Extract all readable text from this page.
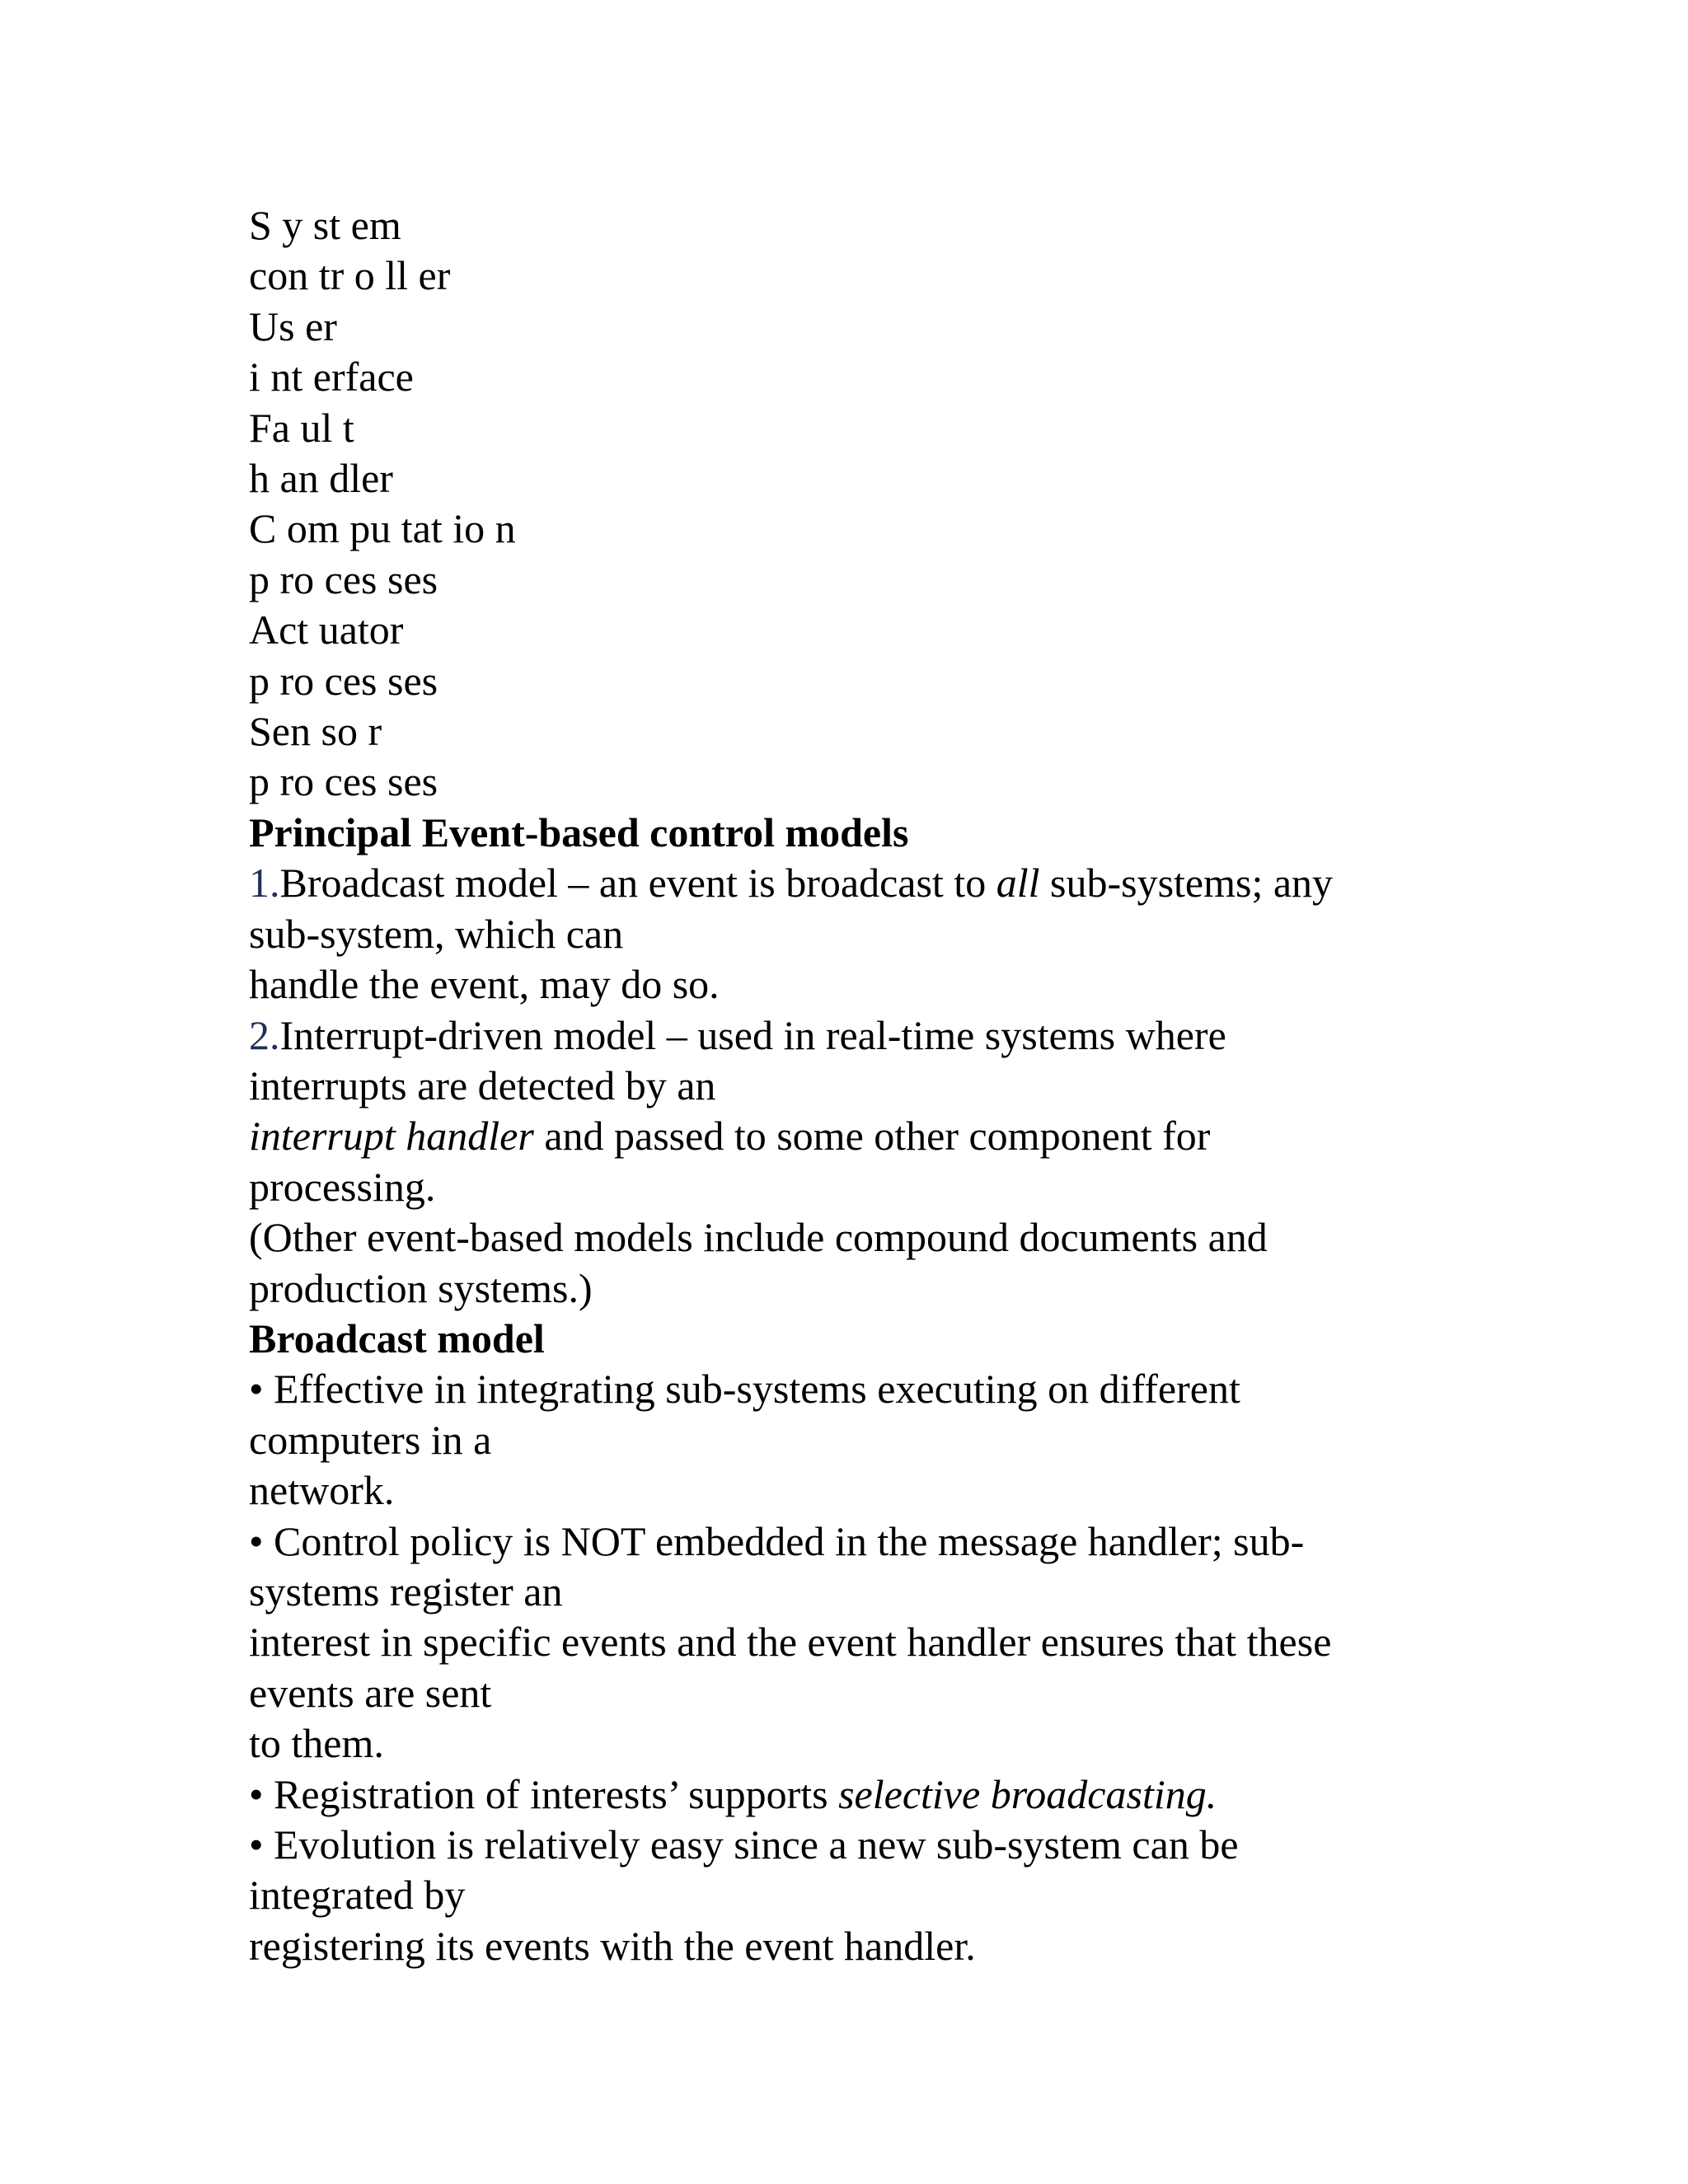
S y st em
con tr o ll er
Us er
i nt erface
Fa ul t
h an dler
C om pu tat io n
p ro ces ses
Act uator
p ro ces ses
Sen so r
p ro ces ses
Principal Event-based control models
1.Broadcast model – an event is broadcast to all sub-systems; any
sub-system, which can
handle the event, may do so.
2.Interrupt-driven model – used in real-time systems where
interrupts are detected by an
interrupt handler and passed to some other component for
processing.
(Other event-based models include compound documents and
production systems.)
Broadcast model
• Effective in integrating sub-systems executing on different
computers in a
network.
• Control policy is NOT embedded in the message handler; sub-
systems register an
interest in specific events and the event handler ensures that these
events are sent
to them.
• Registration of interests’ supports selective broadcasting.
• Evolution is relatively easy since a new sub-system can be
integrated by
registering its events with the event handler.
